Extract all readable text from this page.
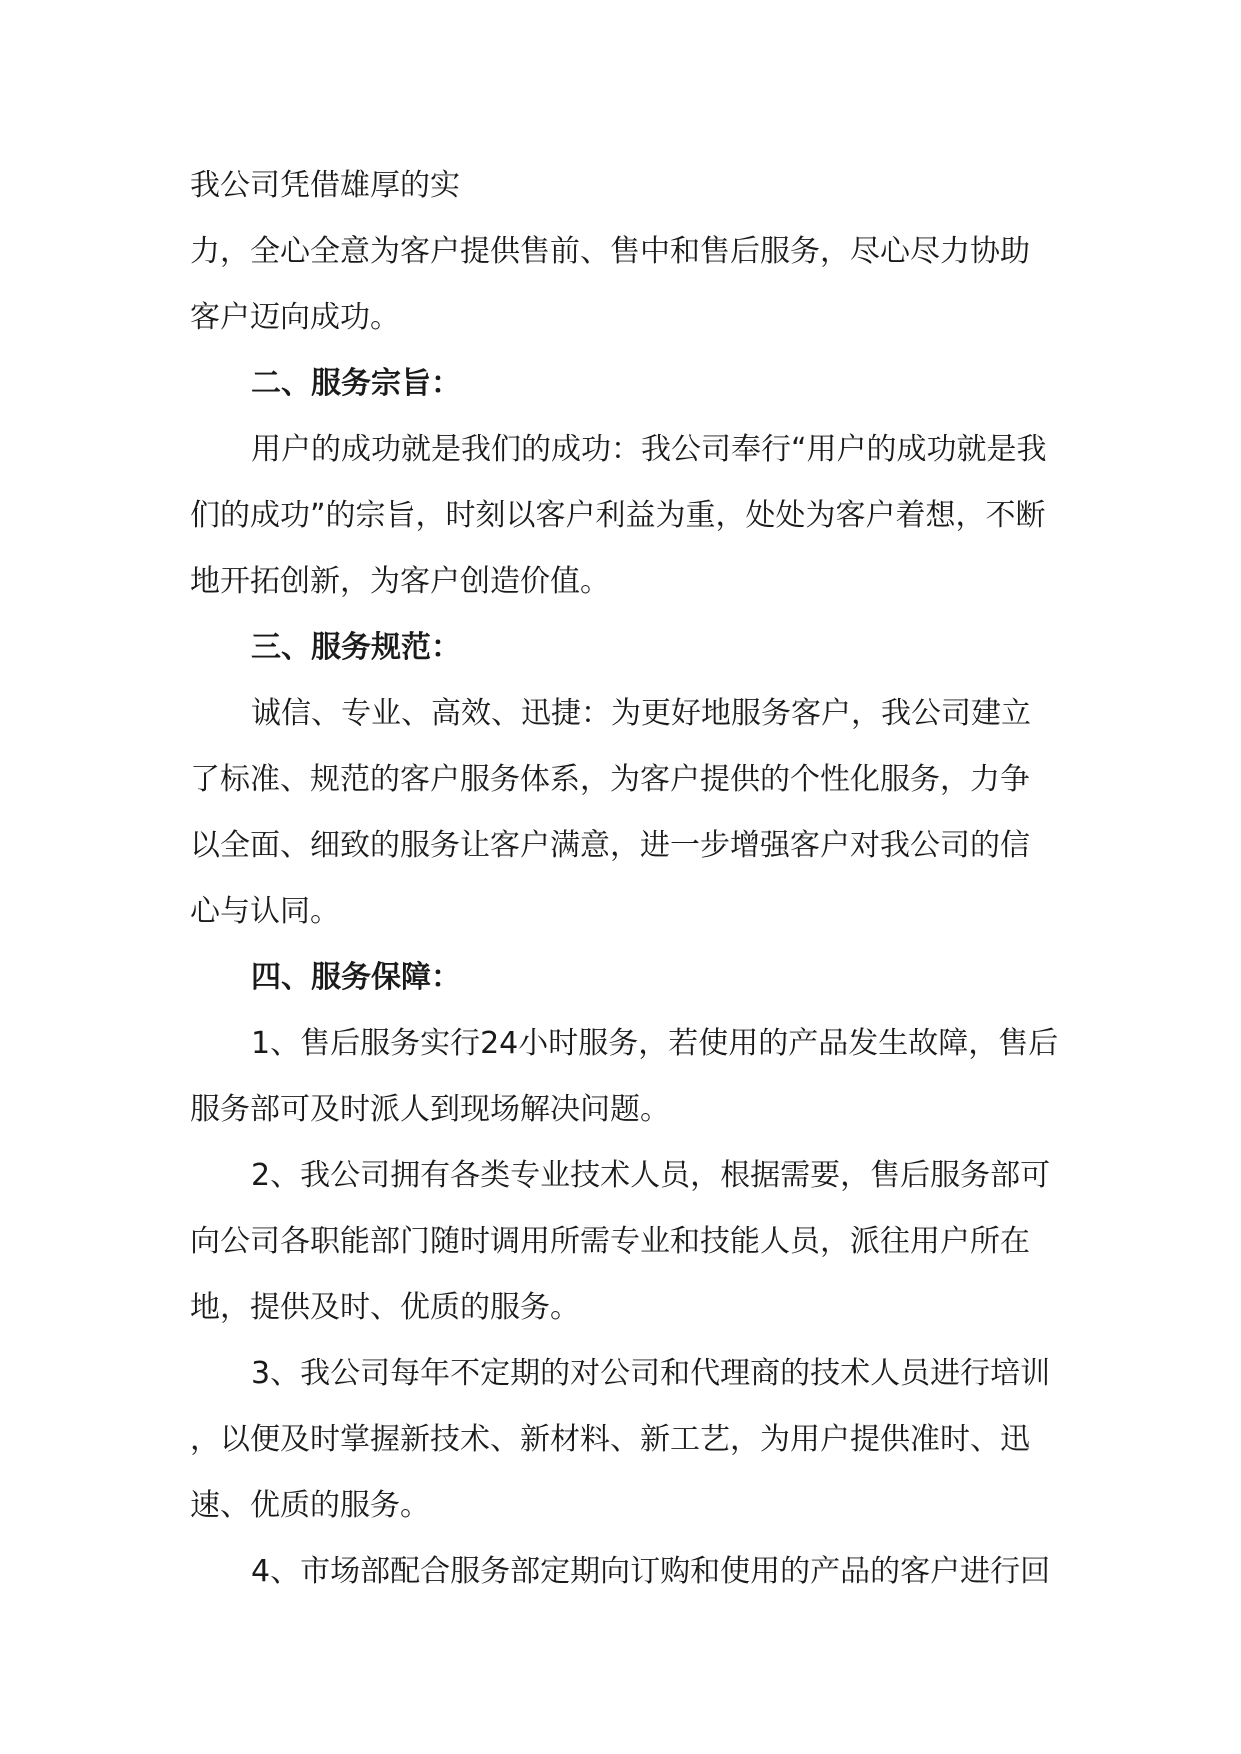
我公司凭借雄厚的实
力，全心全意为客户提供售前、售中和售后服务，尽心尽力协助
客户迈向成功。
二、服务宗旨：
用户的成功就是我们的成功：我公司奉行“用户的成功就是我
们的成功”的宗旨，时刻以客户利益为重，处处为客户着想，不断
地开拓创新，为客户创造价值。
三、服务规范：
诚信、专业、高效、迅捷：为更好地服务客户，我公司建立
了标准、规范的客户服务体系，为客户提供的个性化服务，力争
以全面、细致的服务让客户满意，进一步增强客户对我公司的信
心与认同。
四、服务保障：
1、售后服务实行24小时服务，若使用的产品发生故障，售后
服务部可及时派人到现场解决问题。
2、我公司拥有各类专业技术人员，根据需要，售后服务部可
向公司各职能部门随时调用所需专业和技能人员，派往用户所在
地，提供及时、优质的服务。
3、我公司每年不定期的对公司和代理商的技术人员进行培训
，以便及时掌握新技术、新材料、新工艺，为用户提供准时、迅
速、优质的服务。
4、市场部配合服务部定期向订购和使用的产品的客户进行回
